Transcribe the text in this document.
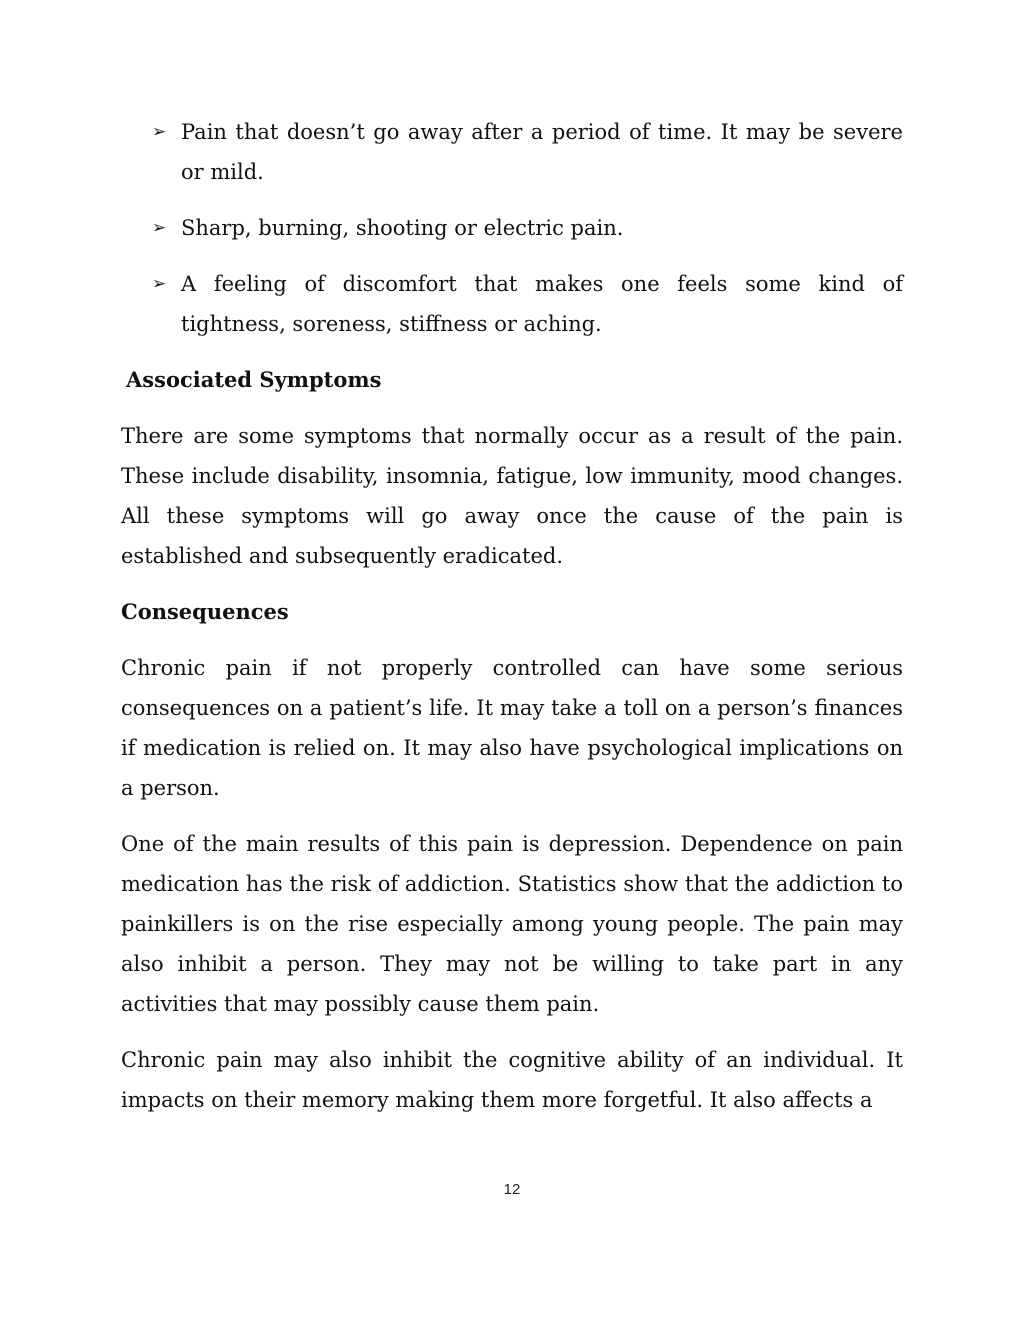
➢ Pain that doesn’t go away after a period of time. It may be severe or mild.
➢ Sharp, burning, shooting or electric pain.
➢ A feeling of discomfort that makes one feels some kind of tightness, soreness, stiffness or aching.
Associated Symptoms

There are some symptoms that normally occur as a result of the pain. These include disability, insomnia, fatigue, low immunity, mood changes. All these symptoms will go away once the cause of the pain is established and subsequently eradicated.

Consequences

Chronic pain if not properly controlled can have some serious consequences on a patient’s life. It may take a toll on a person’s finances if medication is relied on. It may also have psychological implications on a person.

One of the main results of this pain is depression. Dependence on pain medication has the risk of addiction. Statistics show that the addiction to painkillers is on the rise especially among young people. The pain may also inhibit a person. They may not be willing to take part in any activities that may possibly cause them pain.

Chronic pain may also inhibit the cognitive ability of an individual. It impacts on their memory making them more forgetful. It also affects a

12
